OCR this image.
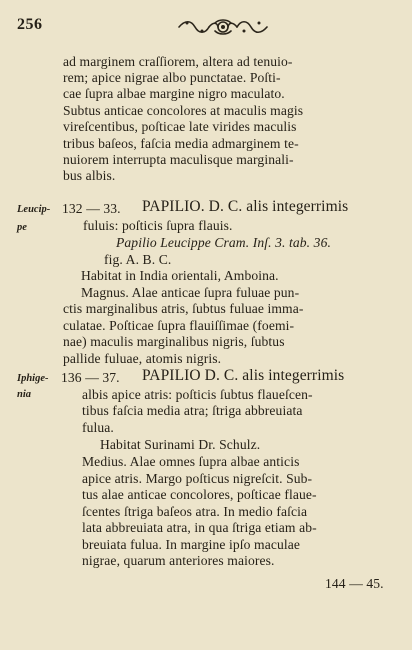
256
ad marginem craſſiorem, altera ad tenuio-
rem; apice nigrae albo punctatae. Poſti-
cae ſupra albae margine nigro maculato.
Subtus anticae concolores at maculis magis
vireſcentibus, poſticae late virides maculis
tribus baſeos, faſcia media admarginem te-
nuiorem interrupta maculisque marginali-
bus albis.
Leucip-
pe
132 — 33. PAPILIO. D. C. alis integerrimis
fuluis: poſticis ſupra flauis.
Papilio Leucippe Cram. Inſ. 3. tab. 36.
fig. A. B. C.
Habitat in India orientali, Amboina.
Magnus. Alae anticae ſupra fuluae pun-
ctis marginalibus atris, ſubtus fuluae imma-
culatae. Poſticae ſupra flauiſſimae (foemi-
nae) maculis marginalibus nigris, ſubtus
pallide fuluae, atomis nigris.
Iphige-
nia
136 — 37. PAPILIO D. C. alis integerrimis
albis apice atris: poſticis ſubtus flaueſcen-
tibus faſcia media atra; ſtriga abbreuiata
fulua.
Habitat Surinami Dr. Schulz.
Medius. Alae omnes ſupra albae anticis
apice atris. Margo poſticus nigreſcit. Sub-
tus alae anticae concolores, poſticae flaue-
ſcentes ſtriga baſeos atra. In medio faſcia
lata abbreuiata atra, in qua ſtriga etiam ab-
breuiata fulua. In margine ipſo maculae
nigrae, quarum anteriores maiores.
144 — 45.
